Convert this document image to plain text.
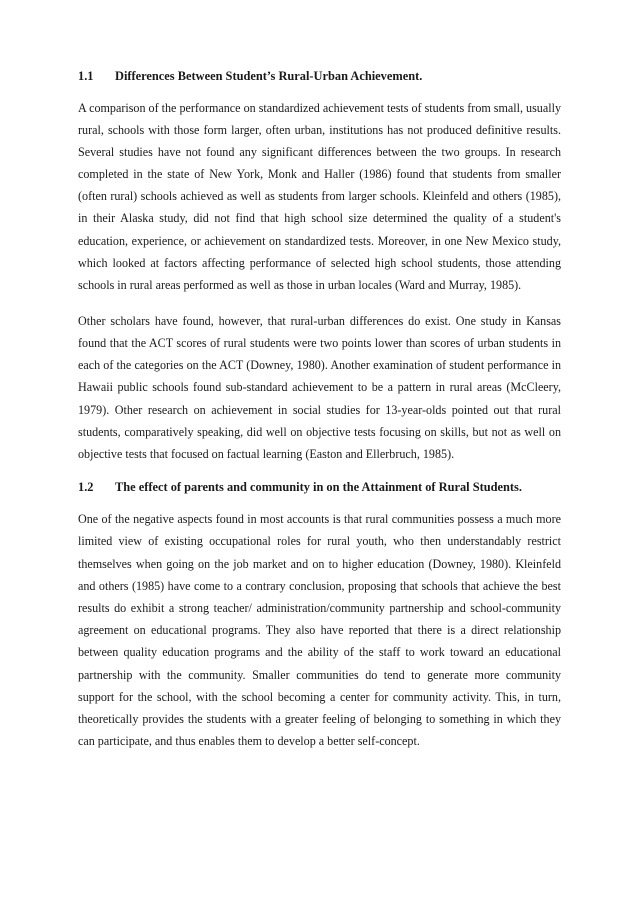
1.1 Differences Between Student’s Rural-Urban Achievement.

A comparison of the performance on standardized achievement tests of students from small, usually rural, schools with those form larger, often urban, institutions has not produced definitive results. Several studies have not found any significant differences between the two groups. In research completed in the state of New York, Monk and Haller (1986) found that students from smaller (often rural) schools achieved as well as students from larger schools. Kleinfeld and others (1985), in their Alaska study, did not find that high school size determined the quality of a student's education, experience, or achievement on standardized tests. Moreover, in one New Mexico study, which looked at factors affecting performance of selected high school students, those attending schools in rural areas performed as well as those in urban locales (Ward and Murray, 1985).

Other scholars have found, however, that rural-urban differences do exist. One study in Kansas found that the ACT scores of rural students were two points lower than scores of urban students in each of the categories on the ACT (Downey, 1980). Another examination of student performance in Hawaii public schools found sub-standard achievement to be a pattern in rural areas (McCleery, 1979). Other research on achievement in social studies for 13-year-olds pointed out that rural students, comparatively speaking, did well on objective tests focusing on skills, but not as well on objective tests that focused on factual learning (Easton and Ellerbruch, 1985).

1.2 The effect of parents and community in on the Attainment of Rural Students.

One of the negative aspects found in most accounts is that rural communities possess a much more limited view of existing occupational roles for rural youth, who then understandably restrict themselves when going on the job market and on to higher education (Downey, 1980). Kleinfeld and others (1985) have come to a contrary conclusion, proposing that schools that achieve the best results do exhibit a strong teacher/ administration/community partnership and school-community agreement on educational programs. They also have reported that there is a direct relationship between quality education programs and the ability of the staff to work toward an educational partnership with the community. Smaller communities do tend to generate more community support for the school, with the school becoming a center for community activity. This, in turn, theoretically provides the students with a greater feeling of belonging to something in which they can participate, and thus enables them to develop a better self-concept.
